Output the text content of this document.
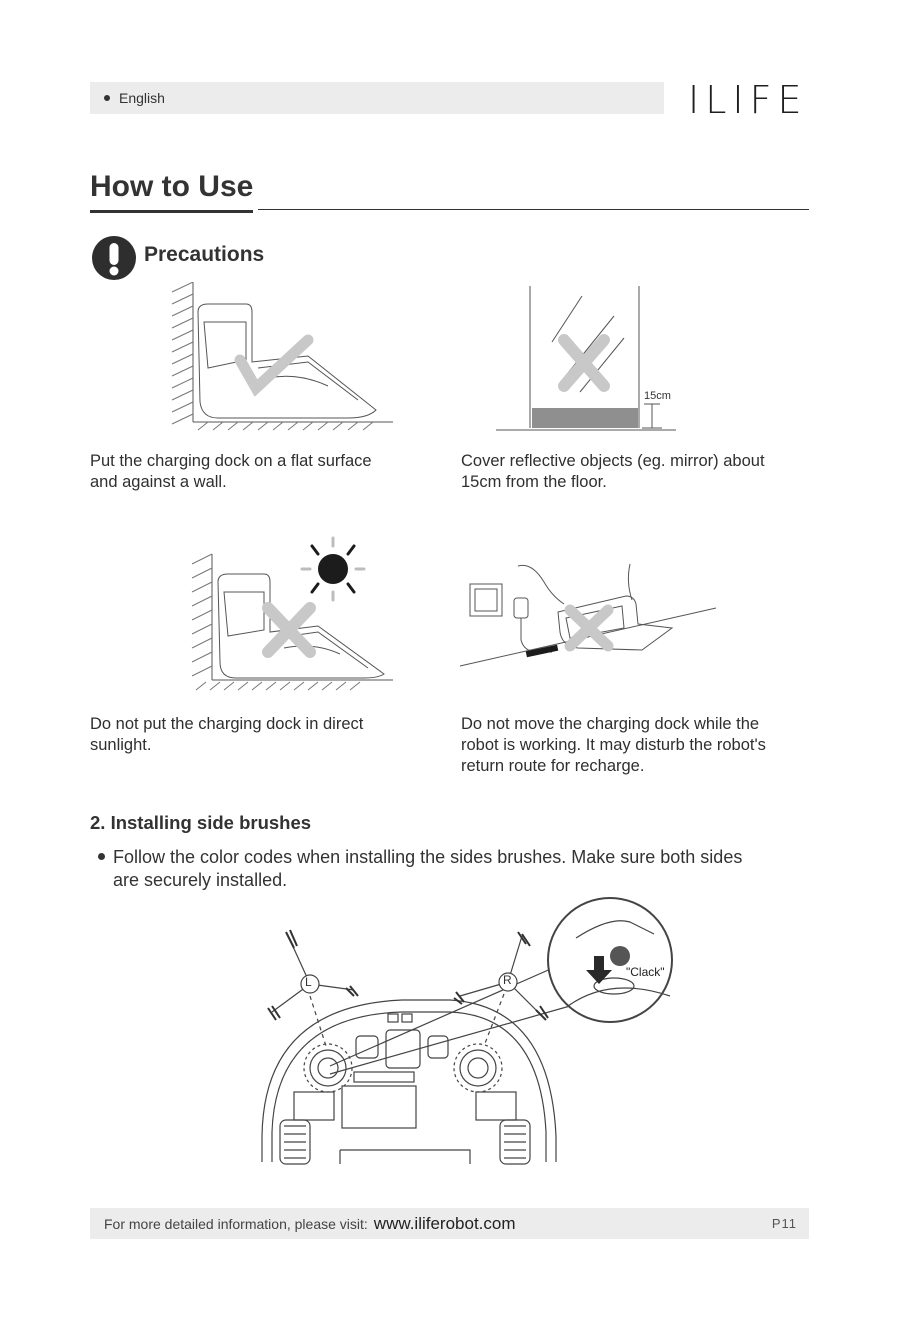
English	ILIFE
How to Use
Precautions
15cm
Put the charging dock on a flat surface
and against a wall.
Cover reflective objects (eg. mirror) about
15cm from the floor.
Do not put the charging dock in direct
sunlight.
Do not move the charging dock while the
robot is working. It may disturb the robot's
return route for recharge.
2. Installing side brushes
Follow the color codes when installing the sides brushes. Make sure both sides
are securely installed.
L	R
"Clack"
For more detailed information, please visit: www.iliferobot.com	P11
